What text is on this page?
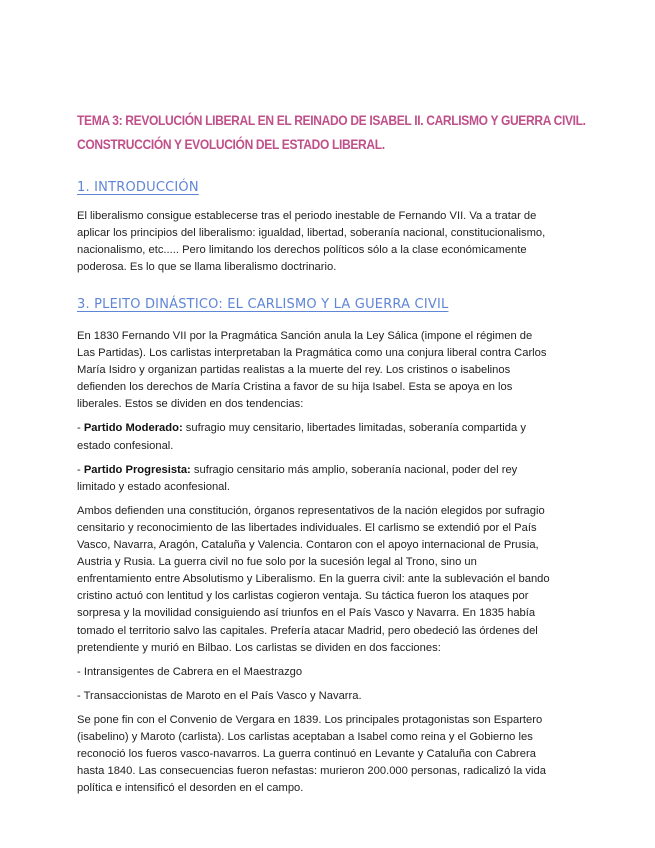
TEMA 3: REVOLUCIÓN LIBERAL EN EL REINADO DE ISABEL II. CARLISMO Y GUERRA CIVIL.
CONSTRUCCIÓN Y EVOLUCIÓN DEL ESTADO LIBERAL.
1. INTRODUCCIÓN

El liberalismo consigue establecerse tras el periodo inestable de Fernando VII. Va a tratar de

aplicar los principios del liberalismo: igualdad, libertad, soberanía nacional, constitucionalismo,

nacionalismo, etc..... Pero limitando los derechos políticos sólo a la clase económicamente

poderosa. Es lo que se llama liberalismo doctrinario.

3. PLEITO DINÁSTICO: EL CARLISMO Y LA GUERRA CIVIL

En 1830 Fernando VII por la Pragmática Sanción anula la Ley Sálica (impone el régimen de

Las Partidas). Los carlistas interpretaban la Pragmática como una conjura liberal contra Carlos

María Isidro y organizan partidas realistas a la muerte del rey. Los cristinos o isabelinos

defienden los derechos de María Cristina a favor de su hija Isabel. Esta se apoya en los

liberales. Estos se dividen en dos tendencias:

- Partido Moderado: sufragio muy censitario, libertades limitadas, soberanía compartida y

estado confesional.

- Partido Progresista: sufragio censitario más amplio, soberanía nacional, poder del rey

limitado y estado aconfesional.

Ambos defienden una constitución, órganos representativos de la nación elegidos por sufragio

censitario y reconocimiento de las libertades individuales. El carlismo se extendió por el País

Vasco, Navarra, Aragón, Cataluña y Valencia. Contaron con el apoyo internacional de Prusia,

Austria y Rusia. La guerra civil no fue solo por la sucesión legal al Trono, sino un

enfrentamiento entre Absolutismo y Liberalismo. En la guerra civil: ante la sublevación el bando

cristino actuó con lentitud y los carlistas cogieron ventaja. Su táctica fueron los ataques por

sorpresa y la movilidad consiguiendo así triunfos en el País Vasco y Navarra. En 1835 había

tomado el territorio salvo las capitales. Prefería atacar Madrid, pero obedeció las órdenes del

pretendiente y murió en Bilbao. Los carlistas se dividen en dos facciones:

- Intransigentes de Cabrera en el Maestrazgo

- Transaccionistas de Maroto en el País Vasco y Navarra.

Se pone fin con el Convenio de Vergara en 1839. Los principales protagonistas son Espartero

(isabelino) y Maroto (carlista). Los carlistas aceptaban a Isabel como reina y el Gobierno les

reconoció los fueros vasco-navarros. La guerra continuó en Levante y Cataluña con Cabrera

hasta 1840. Las consecuencias fueron nefastas: murieron 200.000 personas, radicalizó la vida

política e intensificó el desorden en el campo.
